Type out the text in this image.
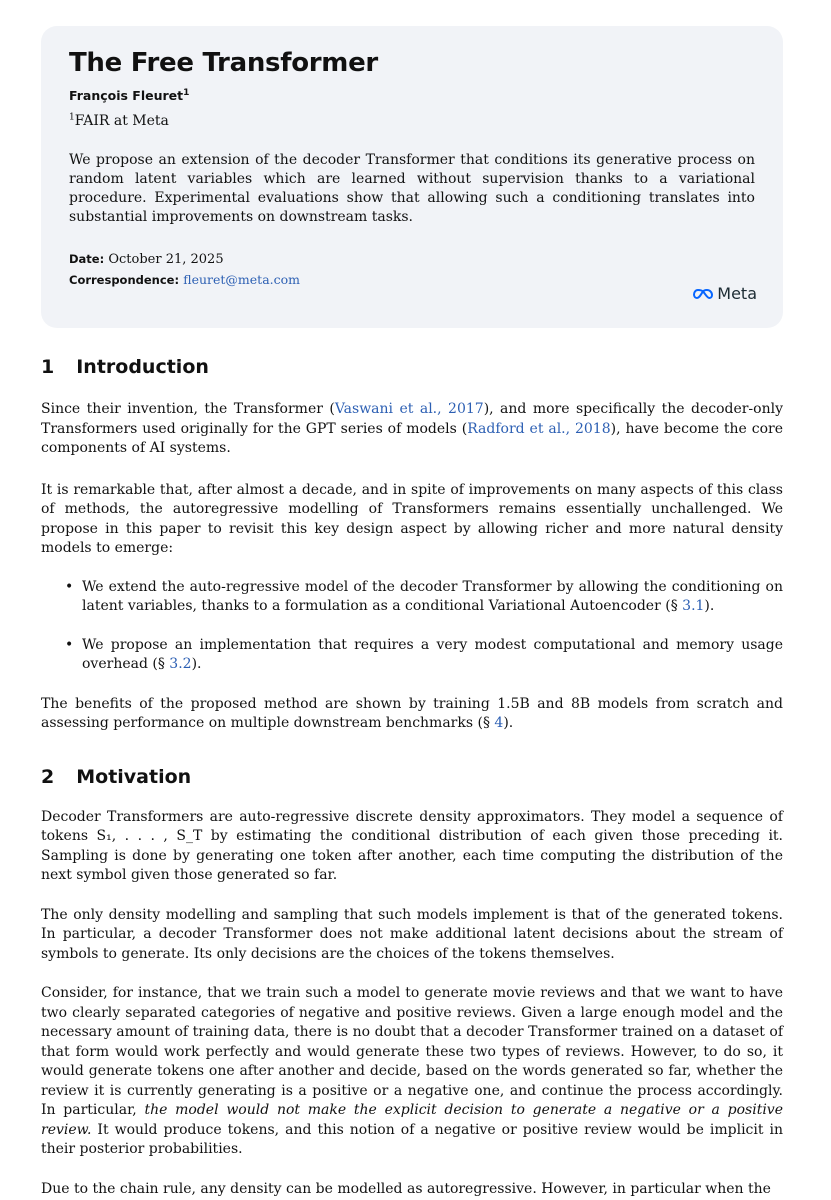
The Free Transformer
François Fleuret$^1$
$^1$FAIR at Meta

We propose an extension of the decoder Transformer that conditions its generative process on random latent variables which are learned without supervision thanks to a variational procedure. Experimental evaluations show that allowing such a conditioning translates into substantial improvements on downstream tasks.

Date: October 21, 2025
Correspondence: fleuret@meta.com
Meta
1 Introduction

Since their invention, the Transformer (Vaswani et al., 2017), and more specifically the decoder-only Transformers used originally for the GPT series of models (Radford et al., 2018), have become the core components of AI systems.

It is remarkable that, after almost a decade, and in spite of improvements on many aspects of this class of methods, the autoregressive modelling of Transformers remains essentially unchallenged. We propose in this paper to revisit this key design aspect by allowing richer and more natural density models to emerge:

• We extend the auto-regressive model of the decoder Transformer by allowing the conditioning on latent variables, thanks to a formulation as a conditional Variational Autoencoder (§ 3.1).

• We propose an implementation that requires a very modest computational and memory usage overhead (§ 3.2).

The benefits of the proposed method are shown by training 1.5B and 8B models from scratch and assessing performance on multiple downstream benchmarks (§ 4).

2 Motivation

Decoder Transformers are auto-regressive discrete density approximators. They model a sequence of tokens S₁, . . . , S_T by estimating the conditional distribution of each given those preceding it. Sampling is done by generating one token after another, each time computing the distribution of the next symbol given those generated so far.

The only density modelling and sampling that such models implement is that of the generated tokens. In particular, a decoder Transformer does not make additional latent decisions about the stream of symbols to generate. Its only decisions are the choices of the tokens themselves.

Consider, for instance, that we train such a model to generate movie reviews and that we want to have two clearly separated categories of negative and positive reviews. Given a large enough model and the necessary amount of training data, there is no doubt that a decoder Transformer trained on a dataset of that form would work perfectly and would generate these two types of reviews. However, to do so, it would generate tokens one after another and decide, based on the words generated so far, whether the review it is currently generating is a positive or a negative one, and continue the process accordingly. In particular, the model would not make the explicit decision to generate a negative or a positive review. It would produce tokens, and this notion of a negative or positive review would be implicit in their posterior probabilities.

Due to the chain rule, any density can be modelled as autoregressive. However, in particular when the
